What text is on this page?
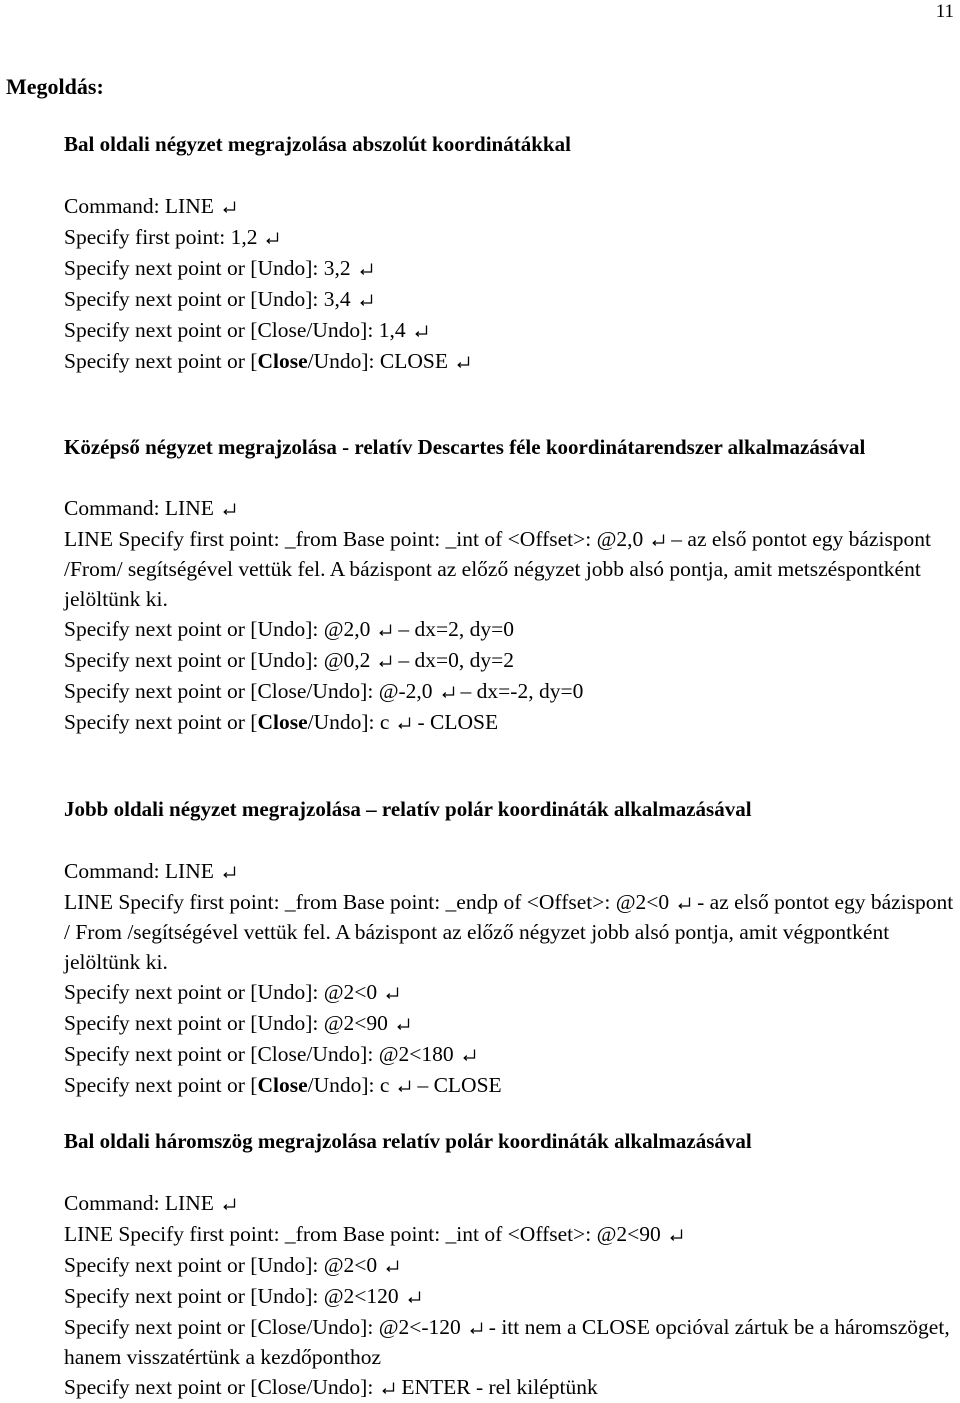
11
Megoldás:
Bal oldali négyzet megrajzolása abszolút koordinátákkal
Command: LINE
Specify first point: 1,2
Specify next point or [Undo]: 3,2
Specify next point or [Undo]: 3,4
Specify next point or [Close/Undo]: 1,4
Specify next point or [Close/Undo]: CLOSE
Középső négyzet megrajzolása - relatív Descartes féle koordinátarendszer alkalmazásával
Command: LINE
LINE Specify first point: _from Base point: _int of <Offset>: @2,0 – az első pontot egy bázispont /From/ segítségével vettük fel. A bázispont az előző négyzet jobb alsó pontja, amit metszéspontként jelöltünk ki.
Specify next point or [Undo]: @2,0 – dx=2, dy=0
Specify next point or [Undo]: @0,2 – dx=0, dy=2
Specify next point or [Close/Undo]: @-2,0 – dx=-2, dy=0
Specify next point or [Close/Undo]: c - CLOSE
Jobb oldali négyzet megrajzolása – relatív polár koordináták alkalmazásával
Command: LINE
LINE Specify first point: _from Base point: _endp of <Offset>: @2<0 - az első pontot egy bázispont / From /segítségével vettük fel. A bázispont az előző négyzet jobb alsó pontja, amit végpontként jelöltünk ki.
Specify next point or [Undo]: @2<0
Specify next point or [Undo]: @2<90
Specify next point or [Close/Undo]: @2<180
Specify next point or [Close/Undo]: c – CLOSE
Bal oldali háromszög megrajzolása relatív polár koordináták alkalmazásával
Command: LINE
LINE Specify first point: _from Base point: _int of <Offset>: @2<90
Specify next point or [Undo]: @2<0
Specify next point or [Undo]: @2<120
Specify next point or [Close/Undo]: @2<-120 - itt nem a CLOSE opcióval zártuk be a háromszöget, hanem visszatértünk a kezdőponthoz
Specify next point or [Close/Undo]: ENTER - rel kiléptünk
